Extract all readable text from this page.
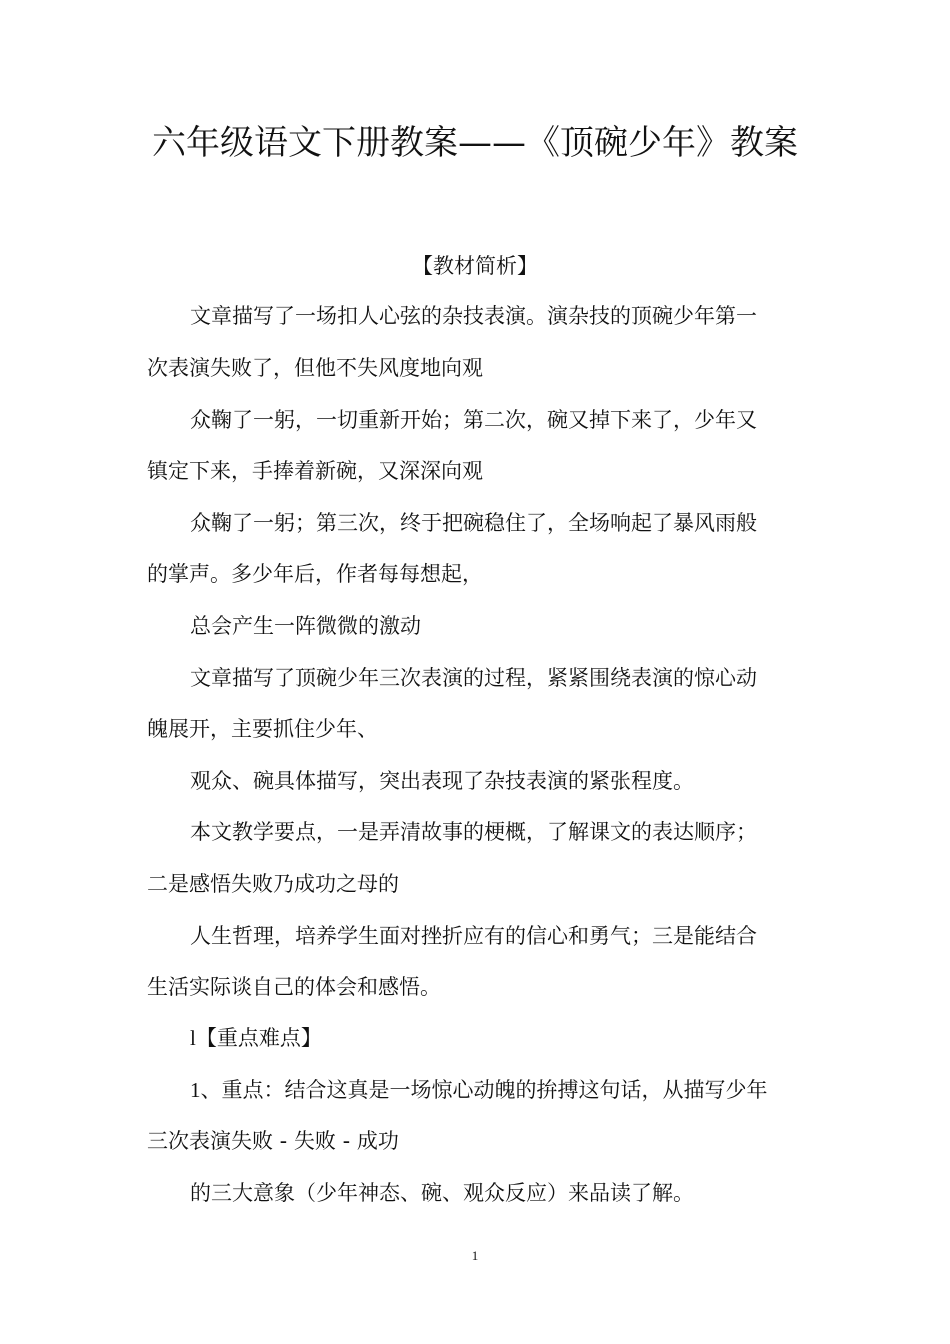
六年级语文下册教案——《顶碗少年》教案
【教材简析】
文章描写了一场扣人心弦的杂技表演。演杂技的顶碗少年第一
次表演失败了，但他不失风度地向观
众鞠了一躬，一切重新开始；第二次，碗又掉下来了，少年又
镇定下来，手捧着新碗，又深深向观
众鞠了一躬；第三次，终于把碗稳住了，全场响起了暴风雨般
的掌声。多少年后，作者每每想起，
总会产生一阵微微的激动
文章描写了顶碗少年三次表演的过程，紧紧围绕表演的惊心动
魄展开，主要抓住少年、
观众、碗具体描写，突出表现了杂技表演的紧张程度。
本文教学要点，一是弄清故事的梗概，了解课文的表达顺序；
二是感悟失败乃成功之母的
人生哲理，培养学生面对挫折应有的信心和勇气；三是能结合
生活实际谈自己的体会和感悟。
l【重点难点】
1、重点：结合这真是一场惊心动魄的拚搏这句话，从描写少年
三次表演失败 - 失败 - 成功
的三大意象（少年神态、碗、观众反应）来品读了解。
1
